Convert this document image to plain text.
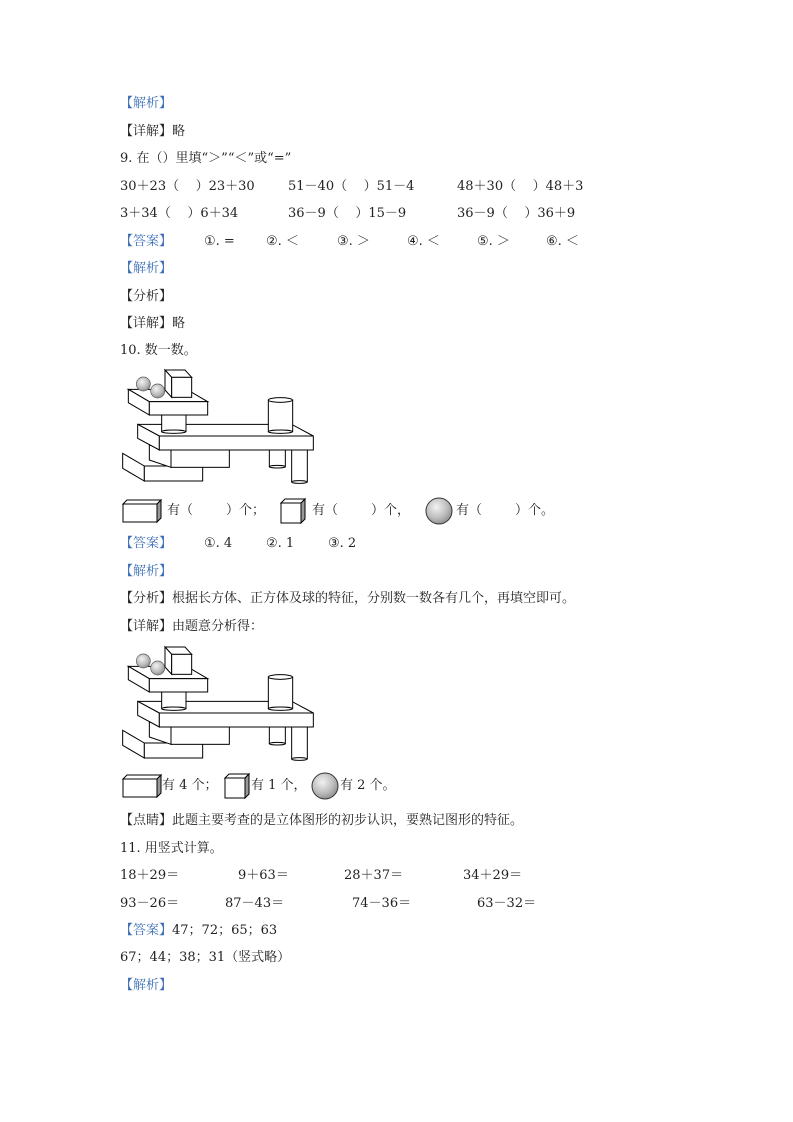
【解析】
【详解】略
9. 在（）里填“＞”“＜”或“=”
30＋23（    ）23＋30	51－40（    ）51－4	48＋30（    ）48＋3
3＋34（    ）6＋34	36－9（    ）15－9	36－9（    ）36＋9
【答案】 ①. = ②. ＜	③. ＞	④. ＜	⑤. ＞	⑥. ＜
【解析】
【分析】
【详解】略
10. 数一数。
有（        ）个；	有（        ）个，	有（        ）个。
【答案】 ①. 4	②. 1	③. 2
【解析】
【分析】根据长方体、正方体及球的特征，分别数一数各有几个，再填空即可。
【详解】由题意分析得：
有 4 个；	有 1 个，	有 2 个。
【点睛】此题主要考查的是立体图形的初步认识，要熟记图形的特征。
11. 用竖式计算。
18＋29＝	9＋63＝	28＋37＝	34＋29＝
93－26＝	87－43＝	74－36＝	63－32＝
【答案】47；72；65；63
67；44；38；31（竖式略）
【解析】
